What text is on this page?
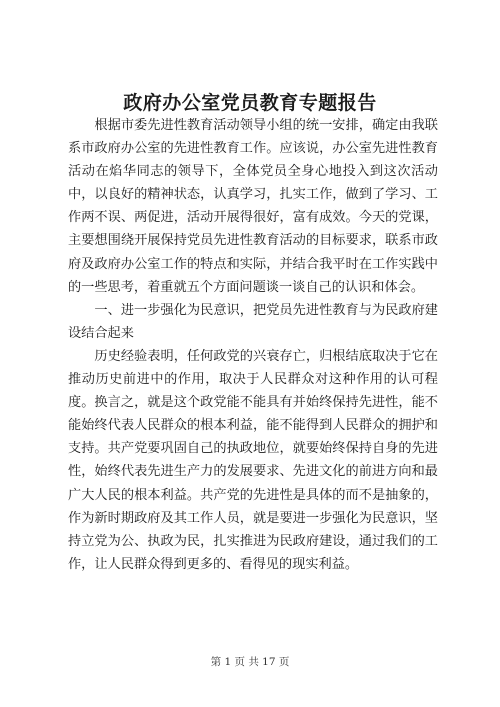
政府办公室党员教育专题报告

根据市委先进性教育活动领导小组的统一安排，确定由我联系市政府办公室的先进性教育工作。应该说，办公室先进性教育活动在焰华同志的领导下，全体党员全身心地投入到这次活动中，以良好的精神状态，认真学习，扎实工作，做到了学习、工作两不误、两促进，活动开展得很好，富有成效。今天的党课，主要想围绕开展保持党员先进性教育活动的目标要求，联系市政府及政府办公室工作的特点和实际，并结合我平时在工作实践中的一些思考，着重就五个方面问题谈一谈自己的认识和体会。

一、进一步强化为民意识，把党员先进性教育与为民政府建设结合起来

历史经验表明，任何政党的兴衰存亡，归根结底取决于它在推动历史前进中的作用，取决于人民群众对这种作用的认可程度。换言之，就是这个政党能不能具有并始终保持先进性，能不能始终代表人民群众的根本利益，能不能得到人民群众的拥护和支持。共产党要巩固自己的执政地位，就要始终保持自身的先进性，始终代表先进生产力的发展要求、先进文化的前进方向和最广大人民的根本利益。共产党的先进性是具体的而不是抽象的，作为新时期政府及其工作人员，就是要进一步强化为民意识，坚持立党为公、执政为民，扎实推进为民政府建设，通过我们的工作，让人民群众得到更多的、看得见的现实利益。

第 1 页 共 17 页
